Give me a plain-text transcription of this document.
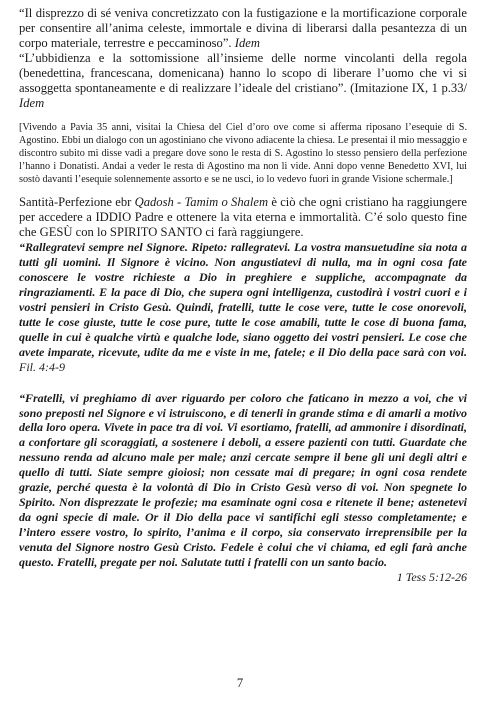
“Il disprezzo di sé veniva concretizzato con la fustigazione e la mortificazione corporale per consentire all’anima celeste, immortale e divina di liberarsi dalla pesantezza di un corpo materiale, terrestre e peccaminoso”. Idem

“L’ubbidienza e la sottomissione all’insieme delle norme vincolanti della regola (benedettina, francescana, domenicana) hanno lo scopo di liberare l’uomo che vi si assoggetta spontaneamente e di realizzare l’ideale del cristiano”. (Imitazione IX, 1 p.33/ Idem

[Vivendo a Pavia 35 anni, visitai la Chiesa del Ciel d’oro ove come si afferma riposano l’esequie di S. Agostino. Ebbi un dialogo con un agostiniano che vivono adiacente la chiesa. Le presentai il mio messaggio e discontro subito mi disse vadi a pregare dove sono le resta di S. Agostino lo stesso pensiero della perfezione l’hanno i Donatisti. Andai a veder le resta di Agostino ma non li vide. Anni dopo venne Benedetto XVI, lui sostò davanti l’esequie solennemente assorto e se ne usci, io lo vedevo fuori in grande Visione schermale.]

Santità-Perfezione ebr Qadosh - Tamim o Shalem è ciò che ogni cristiano ha raggiungere per accedere a IDDIO Padre e ottenere la vita eterna e immortalità. C’é solo questo fine che GESÙ con lo SPIRITO SANTO ci farà raggiungere.

“Rallegratevi sempre nel Signore. Ripeto: rallegratevi. La vostra mansuetudine sia nota a tutti gli uomini. Il Signore è vicino. Non angustiatevi di nulla, ma in ogni cosa fate conoscere le vostre richieste a Dio in preghiere e suppliche, accompagnate da ringraziamenti. E la pace di Dio, che supera ogni intelligenza, custodirà i vostri cuori e i vostri pensieri in Cristo Gesù. Quindi, fratelli, tutte le cose vere, tutte le cose onorevoli, tutte le cose giuste, tutte le cose pure, tutte le cose amabili, tutte le cose di buona fama, quelle in cui è qualche virtù e qualche lode, siano oggetto dei vostri pensieri. Le cose che avete imparate, ricevute, udite da me e viste in me, fatele; e il Dio della pace sarà con voi. Fil. 4:4-9

“Fratelli, vi preghiamo di aver riguardo per coloro che faticano in mezzo a voi, che vi sono preposti nel Signore e vi istruiscono, e di tenerli in grande stima e di amarli a motivo della loro opera. Vivete in pace tra di voi. Vi esortiamo, fratelli, ad ammonire i disordinati, a confortare gli scoraggiati, a sostenere i deboli, a essere pazienti con tutti. Guardate che nessuno renda ad alcuno male per male; anzi cercate sempre il bene gli uni degli altri e quello di tutti. Siate sempre gioiosi; non cessate mai di pregare; in ogni cosa rendete grazie, perché questa è la volontà di Dio in Cristo Gesù verso di voi. Non spegnete lo Spirito. Non disprezzate le profezie; ma esaminate ogni cosa e ritenete il bene; astenetevi da ogni specie di male. Or il Dio della pace vi santifichi egli stesso completamente; e l’intero essere vostro, lo spirito, l’anima e il corpo, sia conservato irreprensibile per la venuta del Signore nostro Gesù Cristo. Fedele è colui che vi chiama, ed egli farà anche questo. Fratelli, pregate per noi. Salutate tutti i fratelli con un santo bacio.

1 Tess 5:12-26
7
